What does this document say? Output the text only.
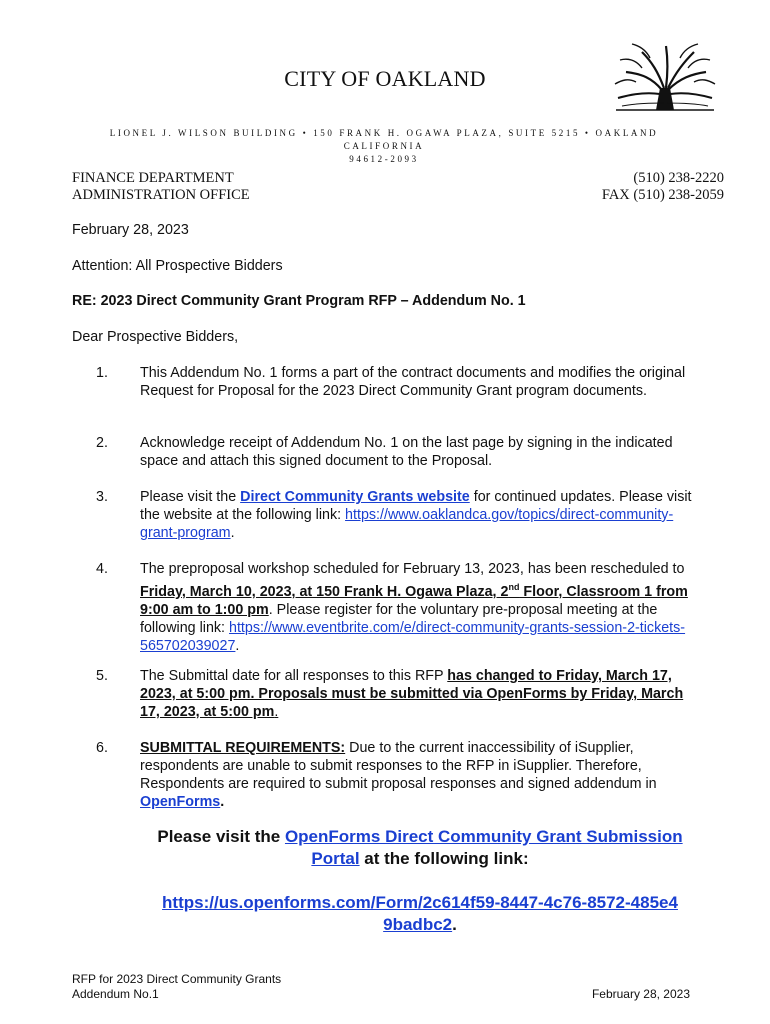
CITY OF OAKLAND
LIONEL J. WILSON BUILDING • 150 FRANK H. OGAWA PLAZA, SUITE 5215 • OAKLAND CALIFORNIA
94612-2093
FINANCE DEPARTMENT
ADMINISTRATION OFFICE
(510) 238-2220
FAX (510) 238-2059
February 28, 2023
Attention: All Prospective Bidders
RE: 2023 Direct Community Grant Program RFP – Addendum No. 1
Dear Prospective Bidders,
1. This Addendum No. 1 forms a part of the contract documents and modifies the original Request for Proposal for the 2023 Direct Community Grant program documents.
2. Acknowledge receipt of Addendum No. 1 on the last page by signing in the indicated space and attach this signed document to the Proposal.
3. Please visit the Direct Community Grants website for continued updates. Please visit the website at the following link: https://www.oaklandca.gov/topics/direct-community-grant-program.
4. The preproposal workshop scheduled for February 13, 2023, has been rescheduled to Friday, March 10, 2023, at 150 Frank H. Ogawa Plaza, 2nd Floor, Classroom 1 from 9:00 am to 1:00 pm. Please register for the voluntary pre-proposal meeting at the following link: https://www.eventbrite.com/e/direct-community-grants-session-2-tickets-565702039027.
5. The Submittal date for all responses to this RFP has changed to Friday, March 17, 2023, at 5:00 pm. Proposals must be submitted via OpenForms by Friday, March 17, 2023, at 5:00 pm.
6. SUBMITTAL REQUIREMENTS: Due to the current inaccessibility of iSupplier, respondents are unable to submit responses to the RFP in iSupplier. Therefore, Respondents are required to submit proposal responses and signed addendum in OpenForms.
Please visit the OpenForms Direct Community Grant Submission Portal at the following link:
https://us.openforms.com/Form/2c614f59-8447-4c76-8572-485e49badbc2.
RFP for 2023 Direct Community Grants
Addendum No.1	February 28, 2023
